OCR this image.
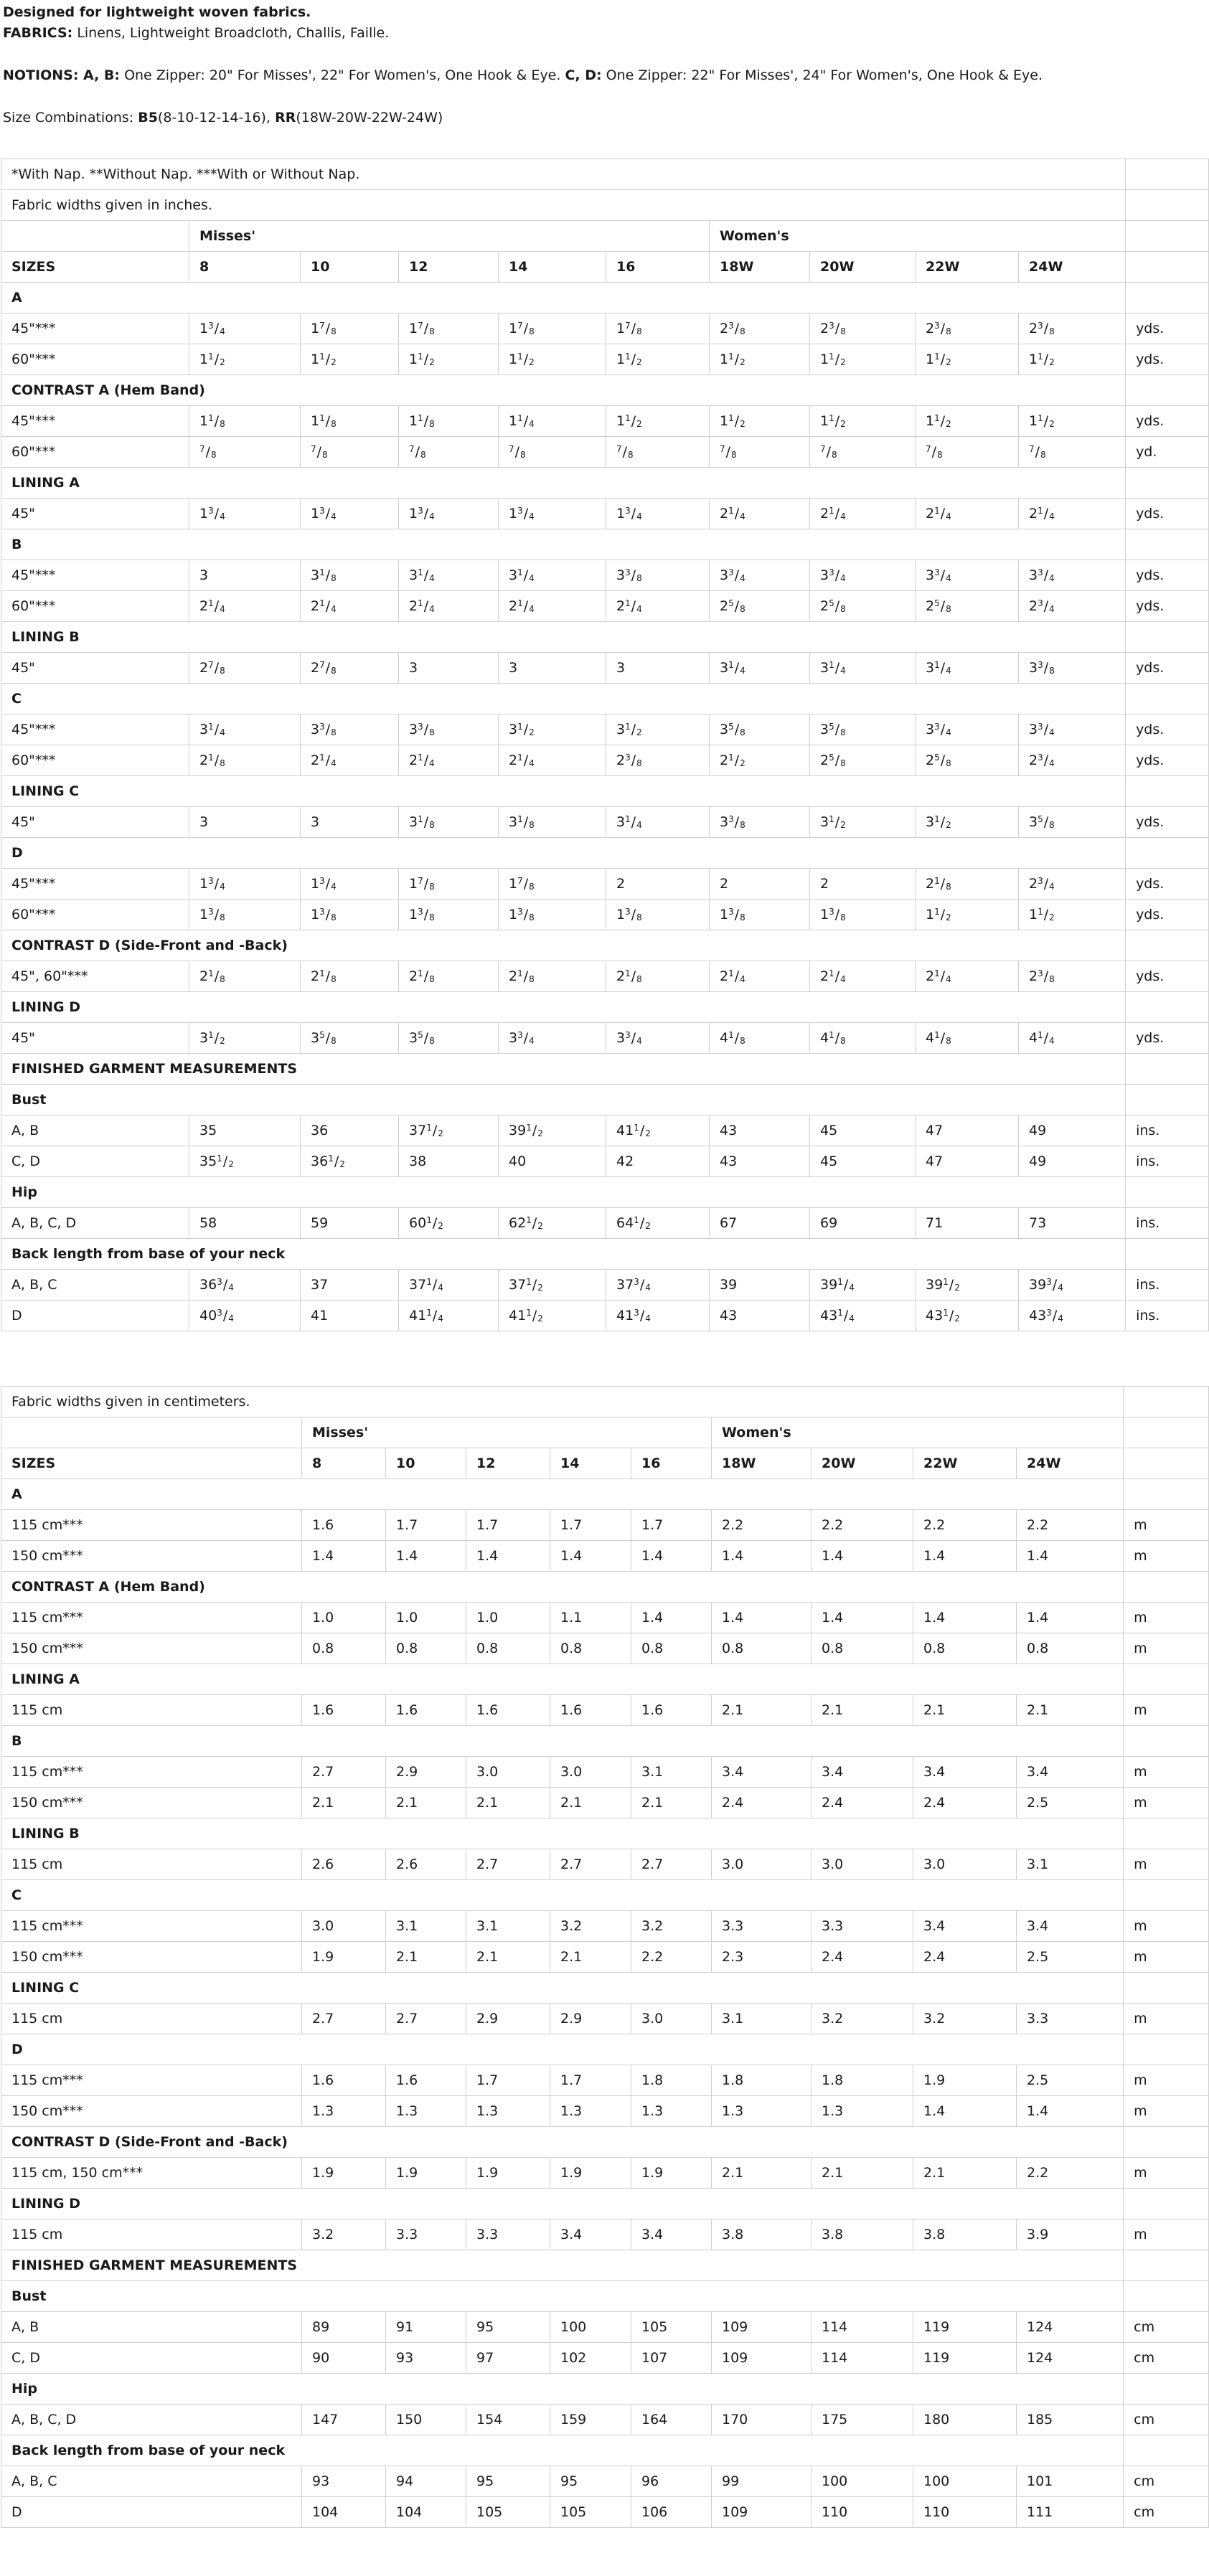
Designed for lightweight woven fabrics.

FABRICS: Linens, Lightweight Broadcloth, Challis, Faille.

NOTIONS: A, B: One Zipper: 20" For Misses', 22" For Women's, One Hook & Eye. C, D: One Zipper: 22" For Misses', 24" For Women's, One Hook & Eye.

Size Combinations: B5(8-10-12-14-16), RR(18W-20W-22W-24W)

*With Nap. **Without Nap. ***With or Without Nap.										
Fabric widths given in inches.										
	Misses'					Women's				
SIZES	8	10	12	14	16	18W	20W	22W	24W	
A										
45"***	$1^3/_4$	$1^7/_8$	$1^7/_8$	$1^7/_8$	$1^7/_8$	$2^3/_8$	$2^3/_8$	$2^3/_8$	$2^3/_8$	yds.
60"***	$1^1/_2$	$1^1/_2$	$1^1/_2$	$1^1/_2$	$1^1/_2$	$1^1/_2$	$1^1/_2$	$1^1/_2$	$1^1/_2$	yds.
CONTRAST A (Hem Band)										
45"***	$1^1/_8$	$1^1/_8$	$1^1/_8$	$1^1/_4$	$1^1/_2$	$1^1/_2$	$1^1/_2$	$1^1/_2$	$1^1/_2$	yds.
60"***	$^7/_8$	$^7/_8$	$^7/_8$	$^7/_8$	$^7/_8$	$^7/_8$	$^7/_8$	$^7/_8$	$^7/_8$	yd.
LINING A										
45"	$1^3/_4$	$1^3/_4$	$1^3/_4$	$1^3/_4$	$1^3/_4$	$2^1/_4$	$2^1/_4$	$2^1/_4$	$2^1/_4$	yds.
B										
45"***	3	$3^1/_8$	$3^1/_4$	$3^1/_4$	$3^3/_8$	$3^3/_4$	$3^3/_4$	$3^3/_4$	$3^3/_4$	yds.
60"***	$2^1/_4$	$2^1/_4$	$2^1/_4$	$2^1/_4$	$2^1/_4$	$2^5/_8$	$2^5/_8$	$2^5/_8$	$2^3/_4$	yds.
LINING B										
45"	$2^7/_8$	$2^7/_8$	3	3	3	$3^1/_4$	$3^1/_4$	$3^1/_4$	$3^3/_8$	yds.
C										
45"***	$3^1/_4$	$3^3/_8$	$3^3/_8$	$3^1/_2$	$3^1/_2$	$3^5/_8$	$3^5/_8$	$3^3/_4$	$3^3/_4$	yds.
60"***	$2^1/_8$	$2^1/_4$	$2^1/_4$	$2^1/_4$	$2^3/_8$	$2^1/_2$	$2^5/_8$	$2^5/_8$	$2^3/_4$	yds.
LINING C										
45"	3	3	$3^1/_8$	$3^1/_8$	$3^1/_4$	$3^3/_8$	$3^1/_2$	$3^1/_2$	$3^5/_8$	yds.
D										
45"***	$1^3/_4$	$1^3/_4$	$1^7/_8$	$1^7/_8$	2	2	2	$2^1/_8$	$2^3/_4$	yds.
60"***	$1^3/_8$	$1^3/_8$	$1^3/_8$	$1^3/_8$	$1^3/_8$	$1^3/_8$	$1^3/_8$	$1^1/_2$	$1^1/_2$	yds.
CONTRAST D (Side-Front and -Back)										
45", 60"***	$2^1/_8$	$2^1/_8$	$2^1/_8$	$2^1/_8$	$2^1/_8$	$2^1/_4$	$2^1/_4$	$2^1/_4$	$2^3/_8$	yds.
LINING D										
45"	$3^1/_2$	$3^5/_8$	$3^5/_8$	$3^3/_4$	$3^3/_4$	$4^1/_8$	$4^1/_8$	$4^1/_8$	$4^1/_4$	yds.
FINISHED GARMENT MEASUREMENTS										
Bust										
A, B	35	36	$37^1/_2$	$39^1/_2$	$41^1/_2$	43	45	47	49	ins.
C, D	$35^1/_2$	$36^1/_2$	38	40	42	43	45	47	49	ins.
Hip										
A, B, C, D	58	59	$60^1/_2$	$62^1/_2$	$64^1/_2$	67	69	71	73	ins.
Back length from base of your neck										
A, B, C	$36^3/_4$	37	$37^1/_4$	$37^1/_2$	$37^3/_4$	39	$39^1/_4$	$39^1/_2$	$39^3/_4$	ins.
D	$40^3/_4$	41	$41^1/_4$	$41^1/_2$	$41^3/_4$	43	$43^1/_4$	$43^1/_2$	$43^3/_4$	ins.
Fabric widths given in centimeters.										
	Misses'					Women's				
SIZES	8	10	12	14	16	18W	20W	22W	24W	
A										
115 cm***	1.6	1.7	1.7	1.7	1.7	2.2	2.2	2.2	2.2	m
150 cm***	1.4	1.4	1.4	1.4	1.4	1.4	1.4	1.4	1.4	m
CONTRAST A (Hem Band)										
115 cm***	1.0	1.0	1.0	1.1	1.4	1.4	1.4	1.4	1.4	m
150 cm***	0.8	0.8	0.8	0.8	0.8	0.8	0.8	0.8	0.8	m
LINING A										
115 cm	1.6	1.6	1.6	1.6	1.6	2.1	2.1	2.1	2.1	m
B										
115 cm***	2.7	2.9	3.0	3.0	3.1	3.4	3.4	3.4	3.4	m
150 cm***	2.1	2.1	2.1	2.1	2.1	2.4	2.4	2.4	2.5	m
LINING B										
115 cm	2.6	2.6	2.7	2.7	2.7	3.0	3.0	3.0	3.1	m
C										
115 cm***	3.0	3.1	3.1	3.2	3.2	3.3	3.3	3.4	3.4	m
150 cm***	1.9	2.1	2.1	2.1	2.2	2.3	2.4	2.4	2.5	m
LINING C										
115 cm	2.7	2.7	2.9	2.9	3.0	3.1	3.2	3.2	3.3	m
D										
115 cm***	1.6	1.6	1.7	1.7	1.8	1.8	1.8	1.9	2.5	m
150 cm***	1.3	1.3	1.3	1.3	1.3	1.3	1.3	1.4	1.4	m
CONTRAST D (Side-Front and -Back)										
115 cm, 150 cm***	1.9	1.9	1.9	1.9	1.9	2.1	2.1	2.1	2.2	m
LINING D										
115 cm	3.2	3.3	3.3	3.4	3.4	3.8	3.8	3.8	3.9	m
FINISHED GARMENT MEASUREMENTS										
Bust										
A, B	89	91	95	100	105	109	114	119	124	cm
C, D	90	93	97	102	107	109	114	119	124	cm
Hip										
A, B, C, D	147	150	154	159	164	170	175	180	185	cm
Back length from base of your neck										
A, B, C	93	94	95	95	96	99	100	100	101	cm
D	104	104	105	105	106	109	110	110	111	cm
